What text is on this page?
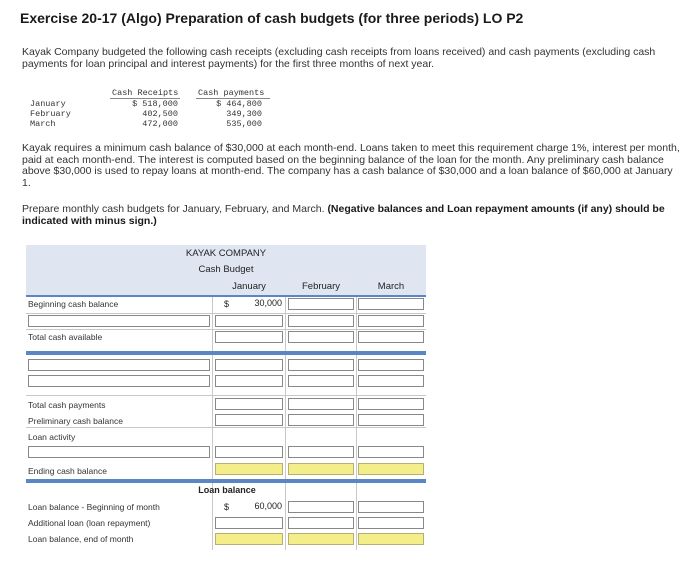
Exercise 20-17 (Algo) Preparation of cash budgets (for three periods) LO P2
Kayak Company budgeted the following cash receipts (excluding cash receipts from loans received) and cash payments (excluding cash payments for loan principal and interest payments) for the first three months of next year.
Cash Receipts Cash payments
January	$ 518,000	$ 464,800
February	402,500	349,300
March	472,000	535,000
Kayak requires a minimum cash balance of $30,000 at each month-end. Loans taken to meet this requirement charge 1%, interest per month, paid at each month-end. The interest is computed based on the beginning balance of the loan for the month. Any preliminary cash balance above $30,000 is used to repay loans at month-end. The company has a cash balance of $30,000 and a loan balance of $60,000 at January 1.
Prepare monthly cash budgets for January, February, and March. (Negative balances and Loan repayment amounts (if any) should be indicated with minus sign.)
KAYAK COMPANY
Cash Budget
January	February	March
Beginning cash balance	$	30,000
Total cash available
Total cash payments
Preliminary cash balance
Loan activity
Ending cash balance
Loan balance
Loan balance - Beginning of month	$	60,000
Additional loan (loan repayment)
Loan balance, end of month
